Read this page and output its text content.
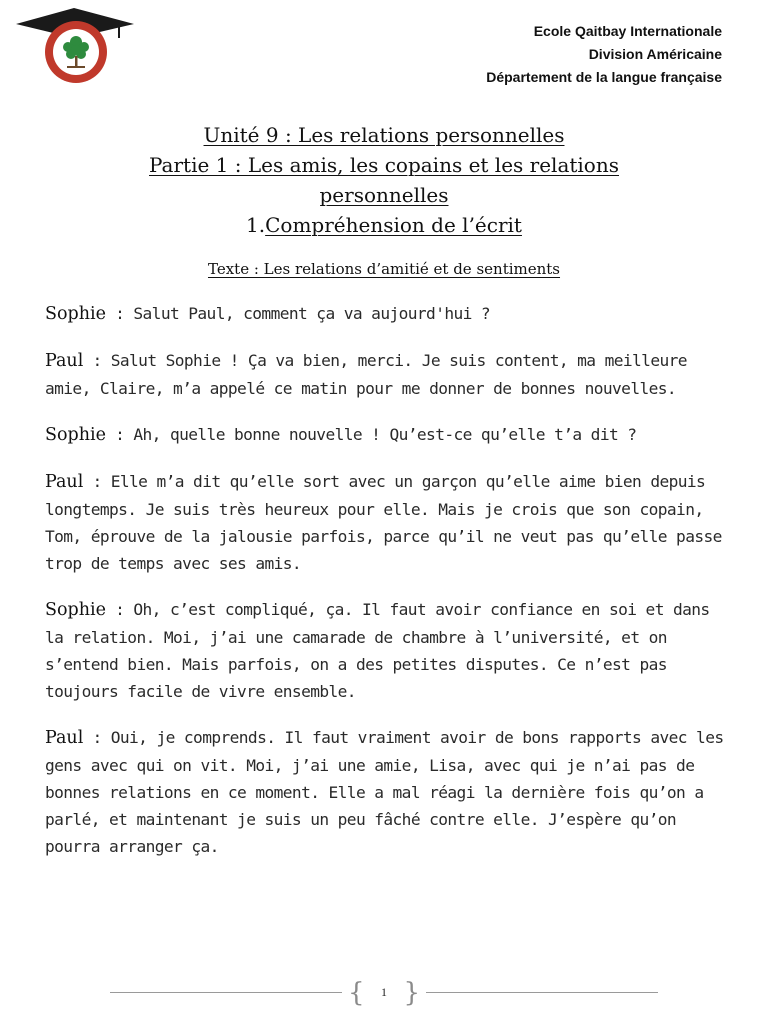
Ecole Qaitbay Internationale
Division Américaine
Département de la langue française
Unité 9 : Les relations personnelles
Partie 1 : Les amis, les copains et les relations
personnelles
1.Compréhension de l’écrit
Texte : Les relations d’amitié et de sentiments

Sophie : Salut Paul, comment ça va aujourd'hui ?

Paul : Salut Sophie ! Ça va bien, merci. Je suis content, ma meilleure amie, Claire, m’a appelé ce matin pour me donner de bonnes nouvelles.

Sophie : Ah, quelle bonne nouvelle ! Qu’est-ce qu’elle t’a dit ?

Paul : Elle m’a dit qu’elle sort avec un garçon qu’elle aime bien depuis longtemps. Je suis très heureux pour elle. Mais je crois que son copain, Tom, éprouve de la jalousie parfois, parce qu’il ne veut pas qu’elle passe trop de temps avec ses amis.

Sophie : Oh, c’est compliqué, ça. Il faut avoir confiance en soi et dans la relation. Moi, j’ai une camarade de chambre à l’université, et on s’entend bien. Mais parfois, on a des petites disputes. Ce n’est pas toujours facile de vivre ensemble.

Paul : Oui, je comprends. Il faut vraiment avoir de bons rapports avec les gens avec qui on vit. Moi, j’ai une amie, Lisa, avec qui je n’ai pas de bonnes relations en ce moment. Elle a mal réagi la dernière fois qu’on a parlé, et maintenant je suis un peu fâché contre elle. J’espère qu’on pourra arranger ça.

{ }
1
